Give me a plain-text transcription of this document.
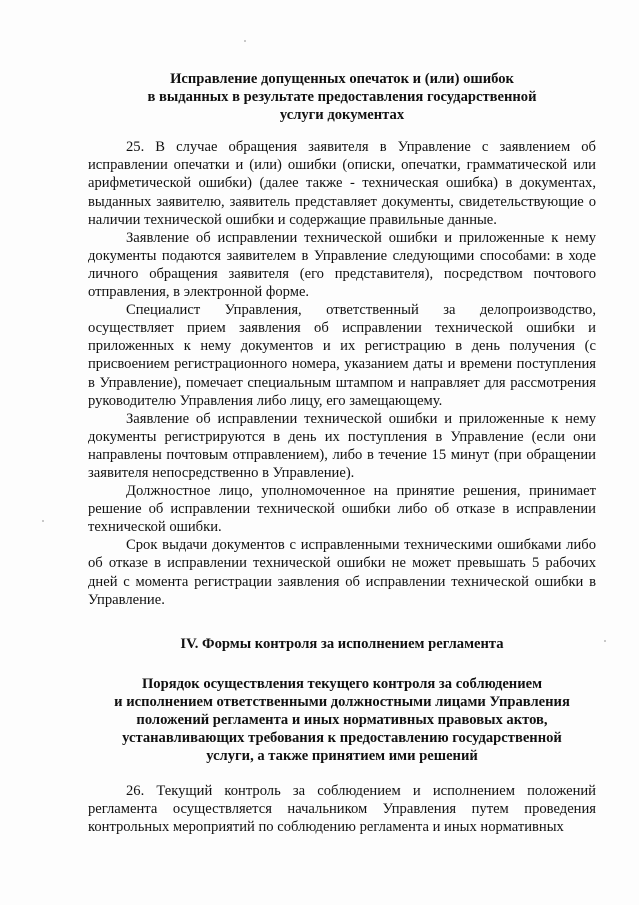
Исправление допущенных опечаток и (или) ошибок
в выданных в результате предоставления государственной
услуги документах

25. В случае обращения заявителя в Управление с заявлением об исправлении опечатки и (или) ошибки (описки, опечатки, грамматической или арифметической ошибки) (далее также - техническая ошибка) в документах, выданных заявителю, заявитель представляет документы, свидетельствующие о наличии технической ошибки и содержащие правильные данные.

Заявление об исправлении технической ошибки и приложенные к нему документы подаются заявителем в Управление следующими способами: в ходе личного обращения заявителя (его представителя), посредством почтового отправления, в электронной форме.

Специалист Управления, ответственный за делопроизводство, осуществляет прием заявления об исправлении технической ошибки и приложенных к нему документов и их регистрацию в день получения (с присвоением регистрационного номера, указанием даты и времени поступления в Управление), помечает специальным штампом и направляет для рассмотрения руководителю Управления либо лицу, его замещающему.

Заявление об исправлении технической ошибки и приложенные к нему документы регистрируются в день их поступления в Управление (если они направлены почтовым отправлением), либо в течение 15 минут (при обращении заявителя непосредственно в Управление).

Должностное лицо, уполномоченное на принятие решения, принимает решение об исправлении технической ошибки либо об отказе в исправлении технической ошибки.

Срок выдачи документов с исправленными техническими ошибками либо об отказе в исправлении технической ошибки не может превышать 5 рабочих дней с момента регистрации заявления об исправлении технической ошибки в Управление.

IV. Формы контроля за исполнением регламента
Порядок осуществления текущего контроля за соблюдением
и исполнением ответственными должностными лицами Управления
положений регламента и иных нормативных правовых актов,
устанавливающих требования к предоставлению государственной
услуги, а также принятием ими решений

26. Текущий контроль за соблюдением и исполнением положений регламента осуществляется начальником Управления путем проведения контрольных мероприятий по соблюдению регламента и иных нормативных
